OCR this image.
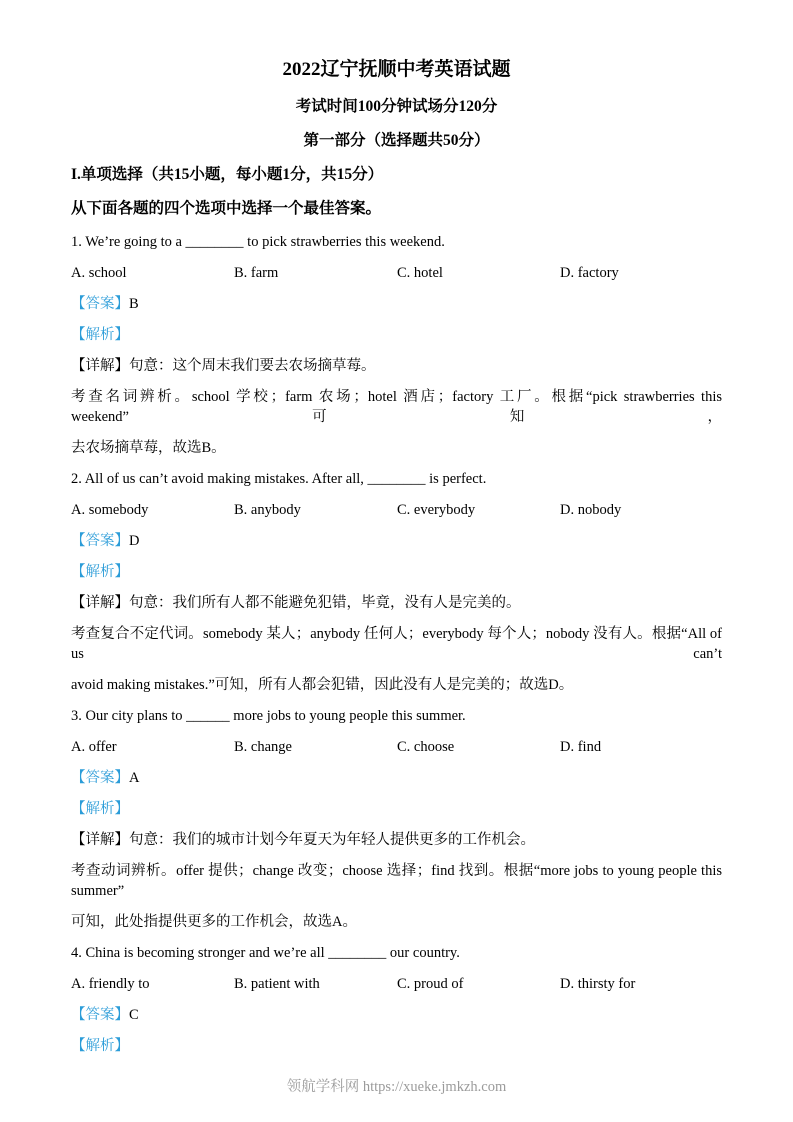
2022辽宁抚顺中考英语试题
考试时间100分钟试场分120分
第一部分（选择题共50分）
I.单项选择（共15小题，每小题1分，共15分）
从下面各题的四个选项中选择一个最佳答案。

1. We’re going to a ________ to pick strawberries this weekend.

A. school	B. farm	C. hotel	D. factory

【答案】B

【解析】

【详解】句意：这个周末我们要去农场摘草莓。

考查名词辨析。school 学校；farm 农场；hotel 酒店；factory 工厂。根据“pick strawberries this weekend”可知，

去农场摘草莓，故选B。

2. All of us can’t avoid making mistakes. After all, ________ is perfect.

A. somebody	B. anybody	C. everybody	D. nobody

【答案】D

【解析】

【详解】句意：我们所有人都不能避免犯错，毕竟，没有人是完美的。

考查复合不定代词。somebody 某人；anybody 任何人；everybody 每个人；nobody 没有人。根据“All of us can’t

avoid making mistakes.”可知，所有人都会犯错，因此没有人是完美的；故选D。

3. Our city plans to ______ more jobs to young people this summer.

A. offer	B. change	C. choose	D. find

【答案】A

【解析】

【详解】句意：我们的城市计划今年夏天为年轻人提供更多的工作机会。

考查动词辨析。offer 提供；change 改变；choose 选择；find 找到。根据“more jobs to young people this summer”

可知，此处指提供更多的工作机会，故选A。

4. China is becoming stronger and we’re all ________ our country.

A. friendly to	B. patient with	C. proud of	D. thirsty for

【答案】C

【解析】

领航学科网 https://xueke.jmkzh.com
